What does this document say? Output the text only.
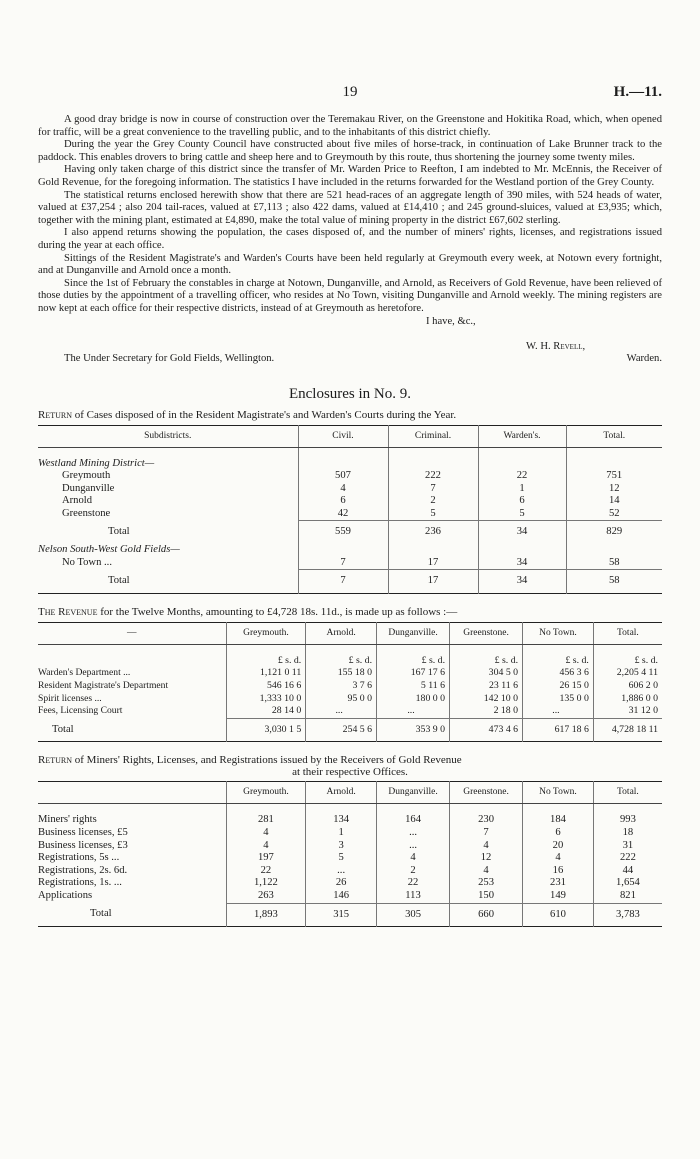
19	H.—11.

A good dray bridge is now in course of construction over the Teremakau River, on the Greenstone and Hokitika Road, which, when opened for traffic, will be a great convenience to the travelling public, and to the inhabitants of this district chiefly.

During the year the Grey County Council have constructed about five miles of horse-track, in continuation of Lake Brunner track to the paddock. This enables drovers to bring cattle and sheep here and to Greymouth by this route, thus shortening the journey some twenty miles.

Having only taken charge of this district since the transfer of Mr. Warden Price to Reefton, I am indebted to Mr. McEnnis, the Receiver of Gold Revenue, for the foregoing information. The statistics I have included in the returns forwarded for the Westland portion of the Grey County.

The statistical returns enclosed herewith show that there are 521 head-races of an aggregate length of 390 miles, with 524 heads of water, valued at £37,254 ; also 204 tail-races, valued at £7,113 ; also 422 dams, valued at £14,410 ; and 245 ground-sluices, valued at £3,935; which, together with the mining plant, estimated at £4,890, make the total value of mining property in the district £67,602 sterling.

I also append returns showing the population, the cases disposed of, and the number of miners' rights, licenses, and registrations issued during the year at each office.

Sittings of the Resident Magistrate's and Warden's Courts have been held regularly at Greymouth every week, at Notown every fortnight, and at Dunganville and Arnold once a month.

Since the 1st of February the constables in charge at Notown, Dunganville, and Arnold, as Receivers of Gold Revenue, have been relieved of those duties by the appointment of a travelling officer, who resides at No Town, visiting Dunganville and Arnold weekly. The mining registers are now kept at each office for their respective districts, instead of at Greymouth as heretofore.

I have, &c.,
W. H. Revell,
The Under Secretary for Gold Fields, Wellington.	Warden.
Enclosures in No. 9.
Return of Cases disposed of in the Resident Magistrate's and Warden's Courts during the Year.
Subdistricts.	Civil.	Criminal.	Warden's.	Total.

Westland Mining District—				
Greymouth	507	222	22	751
Dunganville	4	7	1	12
Arnold	6	2	6	14
Greenstone	42	5	5	52
Total	559	236	34	829
Nelson South-West Gold Fields—				
No Town ...	7	17	34	58
Total	7	17	34	58
The Revenue for the Twelve Months, amounting to £4,728 18s. 11d., is made up as follows :—
—	Greymouth.	Arnold.	Dunganville.	Greenstone.	No Town.	Total.

	£ s. d.	£ s. d.	£ s. d.	£ s. d.	£ s. d.	£ s. d.
Warden's Department ...	1,121 0 11	155 18 0	167 17 6	304 5 0	456 3 6	2,205 4 11
Resident Magistrate's Department	546 16 6	3 7 6	5 11 6	23 11 6	26 15 0	606 2 0
Spirit licenses ...	1,333 10 0	95 0 0	180 0 0	142 10 0	135 0 0	1,886 0 0
Fees, Licensing Court	28 14 0	...	...	2 18 0	...	31 12 0
Total	3,030 1 5	254 5 6	353 9 0	473 4 6	617 18 6	4,728 18 11
Return of Miners' Rights, Licenses, and Registrations issued by the Receivers of Gold Revenue
at their respective Offices.
	Greymouth.	Arnold.	Dunganville.	Greenstone.	No Town.	Total.

Miners' rights	281	134	164	230	184	993
Business licenses, £5	4	1	...	7	6	18
Business licenses, £3	4	3	...	4	20	31
Registrations, 5s ...	197	5	4	12	4	222
Registrations, 2s. 6d.	22	...	2	4	16	44
Registrations, 1s. ...	1,122	26	22	253	231	1,654
Applications	263	146	113	150	149	821
Total	1,893	315	305	660	610	3,783
